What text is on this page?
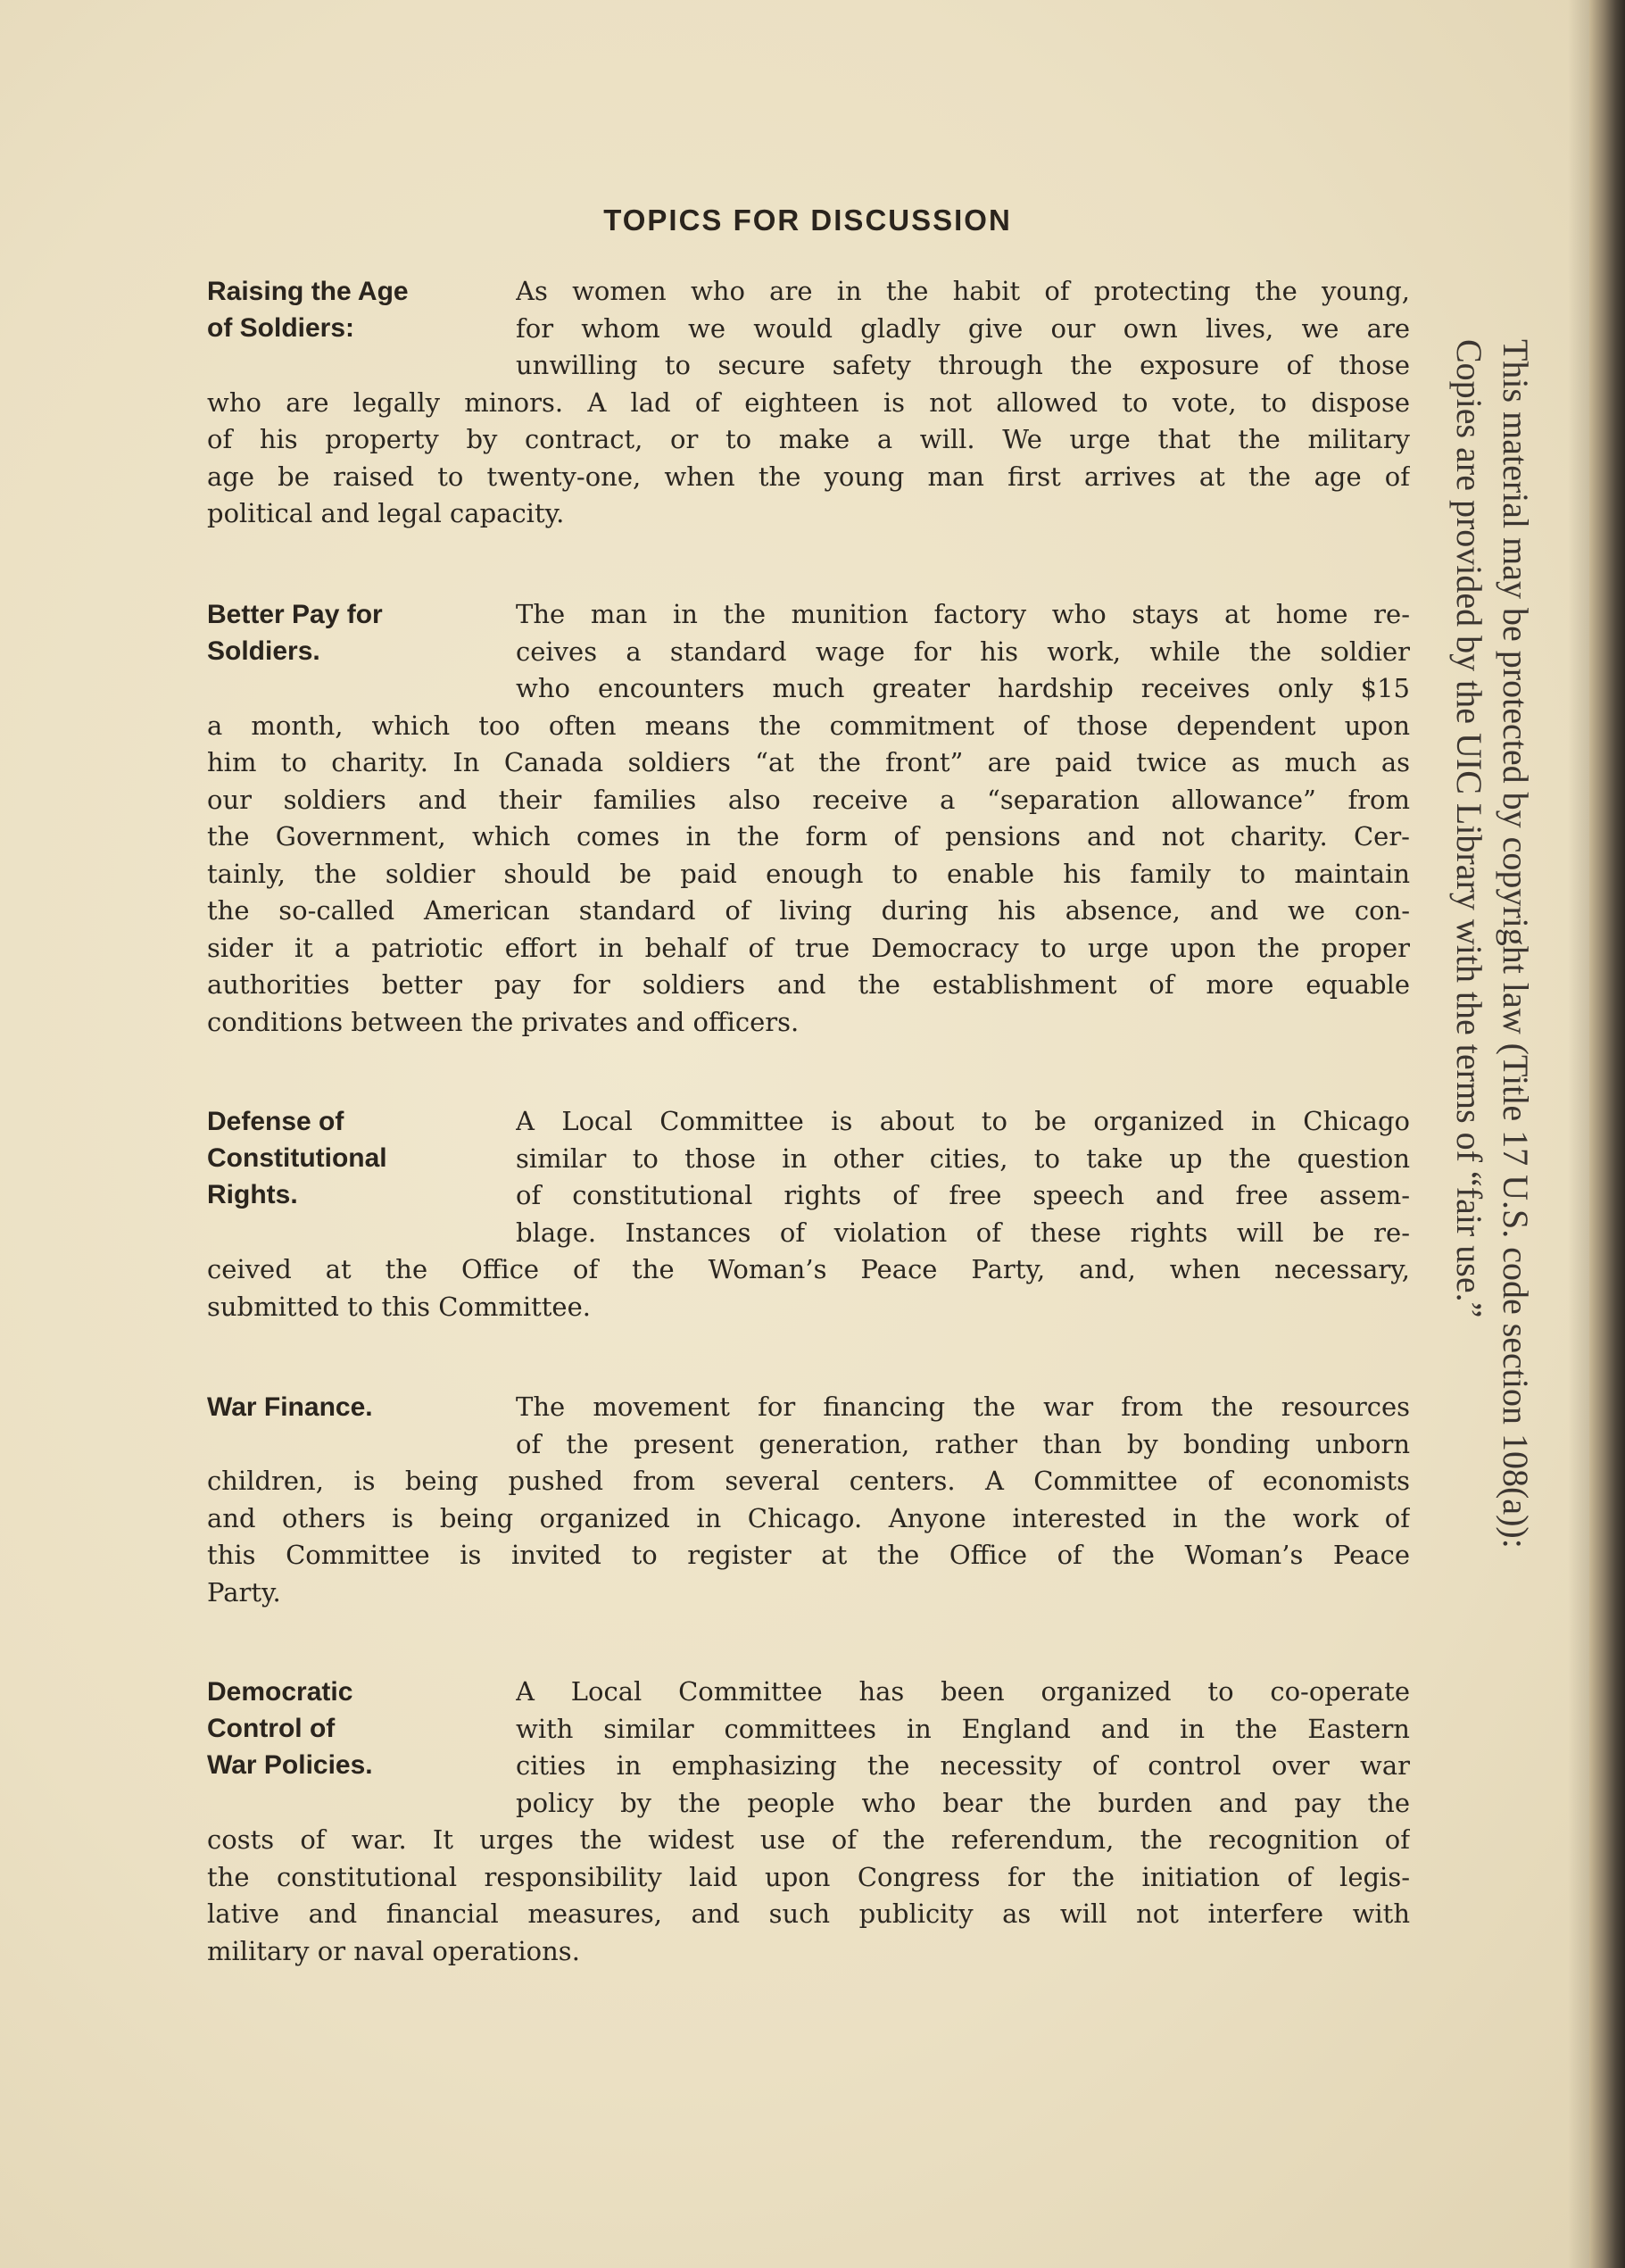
TOPICS FOR DISCUSSION
Raising the Age
of Soldiers:
As women who are in the habit of protecting the young,
for whom we would gladly give our own lives, we are
unwilling to secure safety through the exposure of those
who are legally minors. A lad of eighteen is not allowed to vote, to dispose
of his property by contract, or to make a will. We urge that the military
age be raised to twenty-one, when the young man first arrives at the age of
political and legal capacity.
Better Pay for
Soldiers.
The man in the munition factory who stays at home re-
ceives a standard wage for his work, while the soldier
who encounters much greater hardship receives only $15
a month, which too often means the commitment of those dependent upon
him to charity. In Canada soldiers “at the front” are paid twice as much as
our soldiers and their families also receive a “separation allowance” from
the Government, which comes in the form of pensions and not charity. Cer-
tainly, the soldier should be paid enough to enable his family to maintain
the so-called American standard of living during his absence, and we con-
sider it a patriotic effort in behalf of true Democracy to urge upon the proper
authorities better pay for soldiers and the establishment of more equable
conditions between the privates and officers.
Defense of
Constitutional
Rights.
A Local Committee is about to be organized in Chicago
similar to those in other cities, to take up the question
of constitutional rights of free speech and free assem-
blage. Instances of violation of these rights will be re-
ceived at the Office of the Woman’s Peace Party, and, when necessary,
submitted to this Committee.
War Finance.	The movement for financing the war from the resources
of the present generation, rather than by bonding unborn
children, is being pushed from several centers. A Committee of economists
and others is being organized in Chicago. Anyone interested in the work of
this Committee is invited to register at the Office of the Woman’s Peace
Party.
Democratic
Control of
War Policies.
A Local Committee has been organized to co-operate
with similar committees in England and in the Eastern
cities in emphasizing the necessity of control over war
policy by the people who bear the burden and pay the
costs of war. It urges the widest use of the referendum, the recognition of
the constitutional responsibility laid upon Congress for the initiation of legis-
lative and financial measures, and such publicity as will not interfere with
military or naval operations.
This material may be protected by copyright law (Title 17 U.S. code section 108(a)):
Copies are provided by the UIC Library with the terms of “fair use.”
